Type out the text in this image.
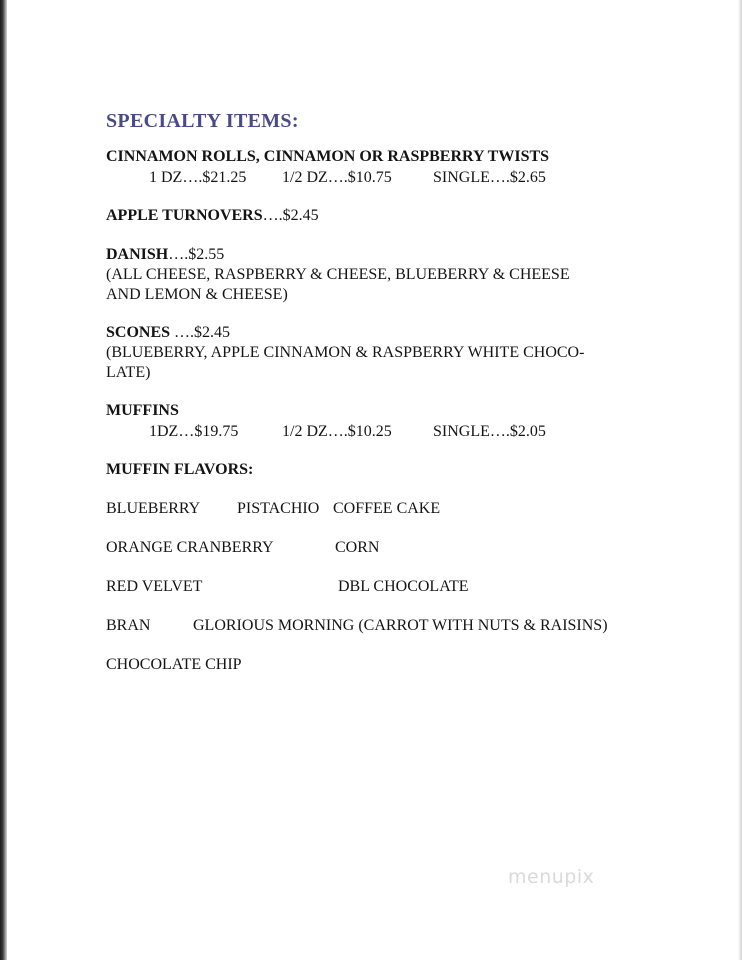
SPECIALTY ITEMS:
CINNAMON ROLLS, CINNAMON OR RASPBERRY TWISTS
1 DZ….$21.25 1/2 DZ….$10.75	SINGLE….$2.65
APPLE TURNOVERS….$2.45
DANISH….$2.55
(ALL CHEESE, RASPBERRY & CHEESE, BLUEBERRY & CHEESE
AND LEMON & CHEESE)
SCONES ….$2.45
(BLUEBERRY, APPLE CINNAMON & RASPBERRY WHITE CHOCO-
LATE)
MUFFINS
1DZ…$19.75	1/2 DZ….$10.25	SINGLE….$2.05
MUFFIN FLAVORS:
BLUEBERRY PISTACHIO COFFEE CAKE
ORANGE CRANBERRY	CORN
RED VELVET	DBL CHOCOLATE
BRAN	GLORIOUS MORNING (CARROT WITH NUTS & RAISINS)
CHOCOLATE CHIP
menupix
